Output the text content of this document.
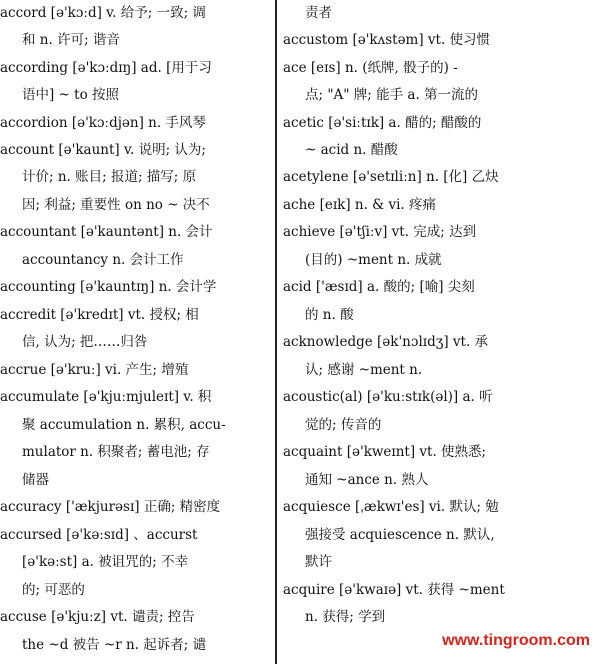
accord [ə'kɔːd] v. 给予; 一致; 调
和 n. 许可; 谐音
according [ə'kɔːdɪŋ] ad. [用于习
语中] ~ to 按照
accordion [ə'kɔːdjən] n. 手风琴
account [ə'kaunt] v. 说明; 认为;
计价; n. 账目; 报道; 描写; 原
因; 利益; 重要性 on no ~ 决不
accountant [ə'kauntənt] n. 会计
accountancy n. 会计工作
accounting [ə'kauntɪŋ] n. 会计学
accredit [ə'kredɪt] vt. 授权; 相
信, 认为; 把……归咎
accrue [ə'kruː] vi. 产生; 增殖
accumulate [ə'kjuːmjuleɪt] v. 积
聚 accumulation n. 累积, accu-
mulator n. 积聚者; 蓄电池; 存
储器
accuracy ['ækjurəsɪ] 正确; 精密度
accursed [ə'kəːsɪd] 、accurst
[ə'kəːst] a. 被诅咒的; 不幸
的; 可恶的
accuse [ə'kjuːz] vt. 谴责; 控告
the ~d 被告 ~r n. 起诉者; 谴
责者
accustom [ə'kʌstəm] vt. 使习惯
ace [eɪs] n. (纸牌, 骰子的) -
点; "A" 牌; 能手 a. 第一流的
acetic [ə'siːtɪk] a. 醋的; 醋酸的
~ acid n. 醋酸
acetylene [ə'setɪliːn] n. [化] 乙炔
ache [eɪk] n. & vi. 疼痛
achieve [ə'tʃiːv] vt. 完成; 达到
(目的) ~ment n. 成就
acid ['æsɪd] a. 酸的; [喻] 尖刻
的 n. 酸
acknowledge [ək'nɔlɪdʒ] vt. 承
认; 感谢 ~ment n.
acoustic(al) [ə'kuːstɪk(əl)] a. 听
觉的; 传音的
acquaint [ə'kweɪnt] vt. 使熟悉;
通知 ~ance n. 熟人
acquiesce [ˌækwɪ'es] vi. 默认; 勉
强接受 acquiescence n. 默认,
默许
acquire [ə'kwaɪə] vt. 获得 ~ment
n. 获得; 学到
www.tingroom.com
